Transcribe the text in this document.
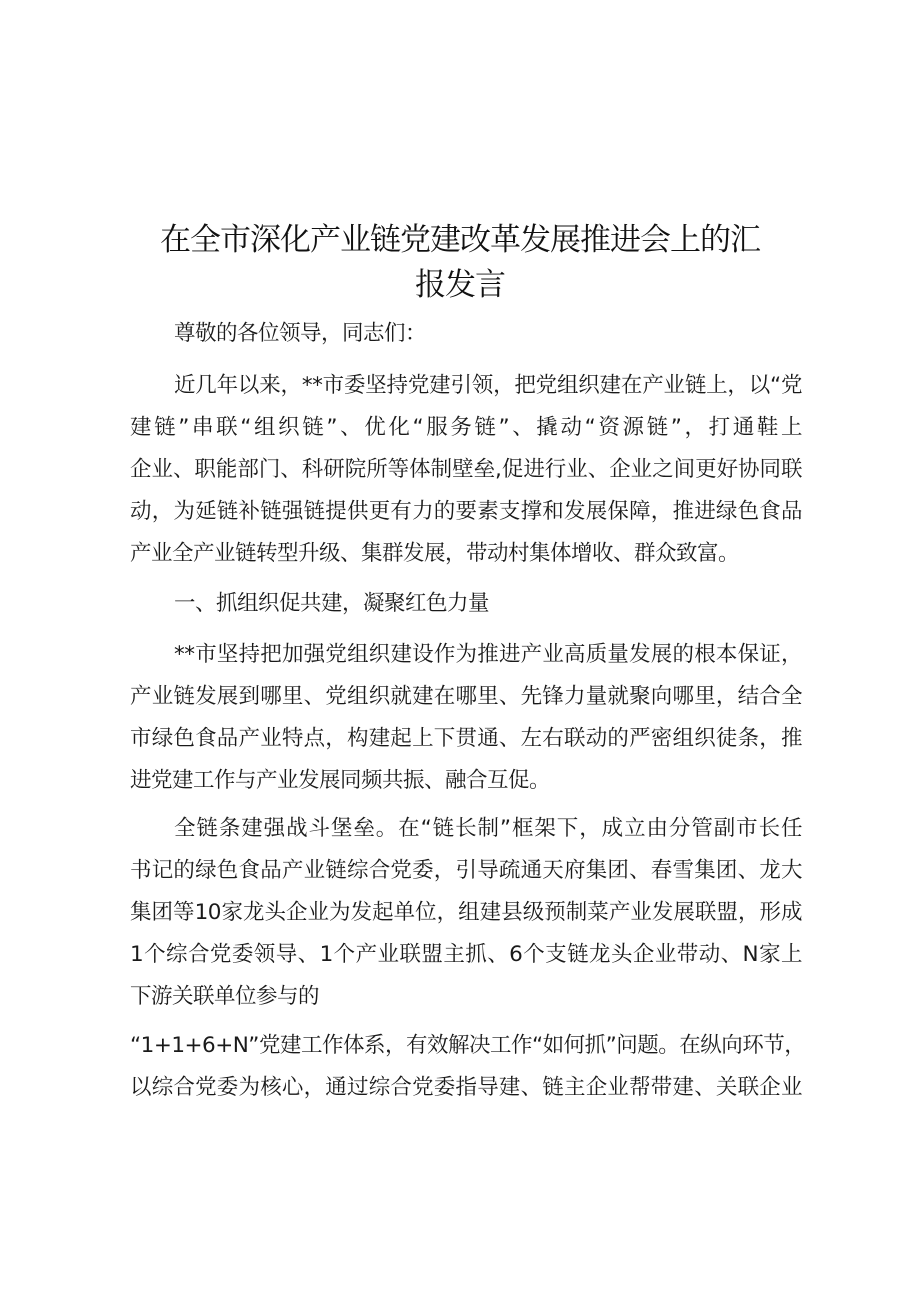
在全市深化产业链党建改革发展推进会上的汇
报发言
尊敬的各位领导，同志们：
近几年以来，**市委坚持党建引领，把党组织建在产业链上，以“党
建链”串联“组织链”、优化“服务链”、撬动“资源链”，打通鞋上
企业、职能部门、科研院所等体制壁垒,促进行业、企业之间更好协同联
动，为延链补链强链提供更有力的要素支撑和发展保障，推进绿色食品
产业全产业链转型升级、集群发展，带动村集体增收、群众致富。
一、抓组织促共建，凝聚红色力量
**市坚持把加强党组织建设作为推进产业高质量发展的根本保证，
产业链发展到哪里、党组织就建在哪里、先锋力量就聚向哪里，结合全
市绿色食品产业特点，构建起上下贯通、左右联动的严密组织徒条，推
进党建工作与产业发展同频共振、融合互促。
全链条建强战斗堡垒。在“链长制”框架下，成立由分管副市长任
书记的绿色食品产业链综合党委，引导疏通天府集团、春雪集团、龙大
集团等10家龙头企业为发起单位，组建县级预制菜产业发展联盟，形成
1个综合党委领导、1个产业联盟主抓、6个支链龙头企业带动、N家上
下游关联单位参与的
“1+1+6+N”党建工作体系，有效解决工作“如何抓”问题。在纵向环节，
以综合党委为核心，通过综合党委指导建、链主企业帮带建、关联企业
